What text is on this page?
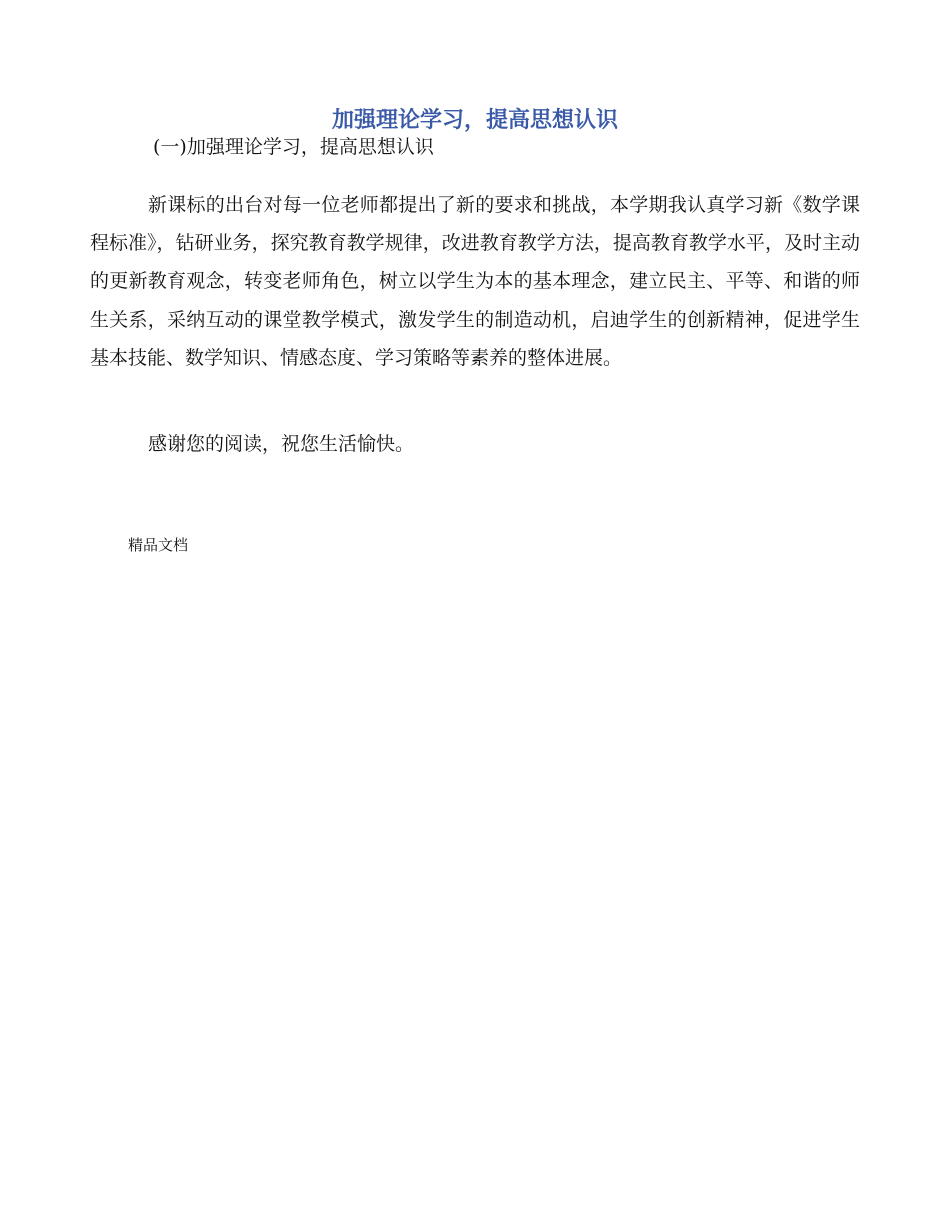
加强理论学习，提高思想认识

(一)加强理论学习，提高思想认识

新课标的出台对每一位老师都提出了新的要求和挑战，本学期我认真学习新《数学课程标准》，钻研业务，探究教育教学规律，改进教育教学方法，提高教育教学水平，及时主动的更新教育观念，转变老师角色，树立以学生为本的基本理念，建立民主、平等、和谐的师生关系，采纳互动的课堂教学模式，激发学生的制造动机，启迪学生的创新精神，促进学生基本技能、数学知识、情感态度、学习策略等素养的整体进展。

感谢您的阅读，祝您生活愉快。

精品文档
